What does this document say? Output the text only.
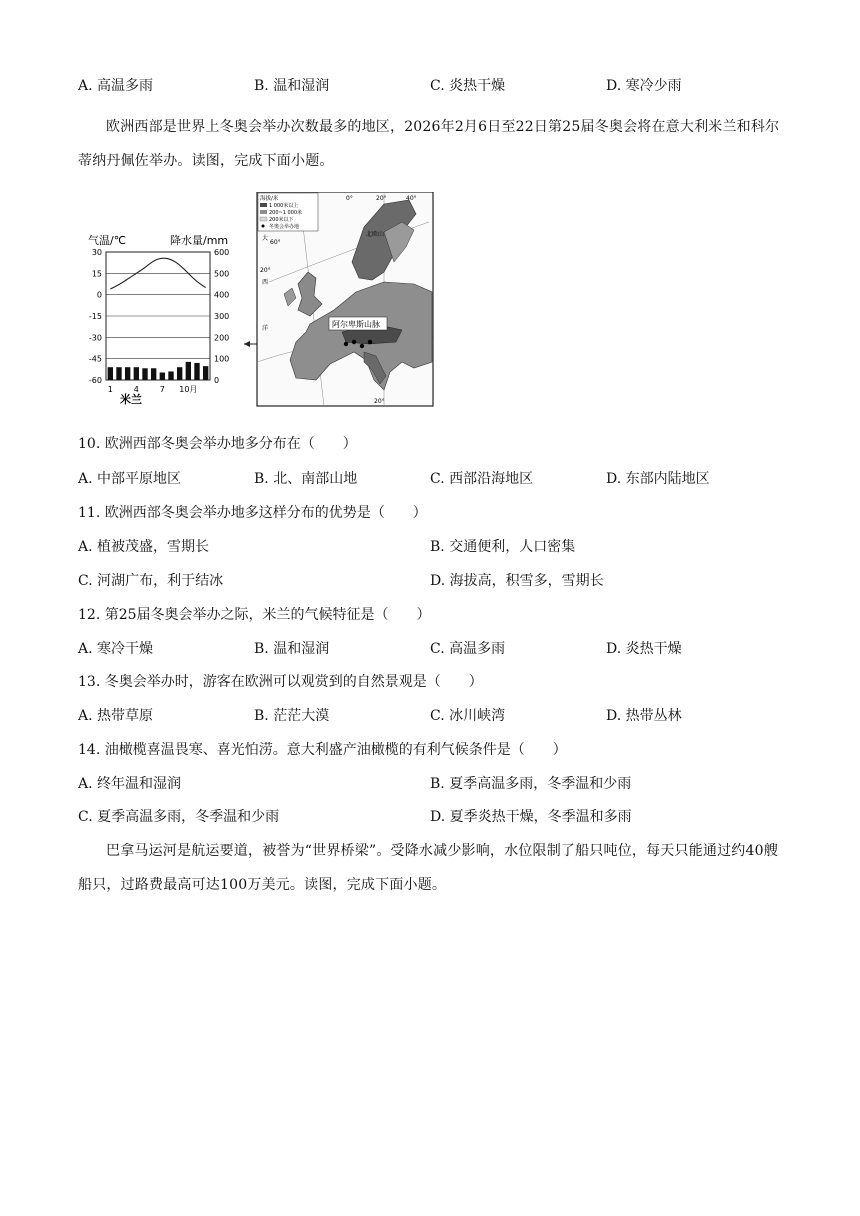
A. 高温多雨	B. 温和湿润	C. 炎热干燥	D. 寒冷少雨
欧洲西部是世界上冬奥会举办次数最多的地区，2026年2月6日至22日第25届冬奥会将在意大利米兰和科尔蒂纳丹佩佐举办。读图，完成下面小题。
气温/℃	降水量/mm
30
15
0
-15
-30
-45
-60
600
500
400
300
200
100
0
1	4	7 10月
米兰
阿尔卑斯山脉
海拔/米
1 000米以上
200~1 000米
200米以下
冬奥会举办地
北欧山
大
西
洋
60°
20°
0°	20°	40°
20°
10. 欧洲西部冬奥会举办地多分布在（　　）
A. 中部平原地区	B. 北、南部山地	C. 西部沿海地区	D. 东部内陆地区
11. 欧洲西部冬奥会举办地多这样分布的优势是（　　）
A. 植被茂盛，雪期长	B. 交通便利，人口密集
C. 河湖广布，利于结冰	D. 海拔高，积雪多，雪期长
12. 第25届冬奥会举办之际，米兰的气候特征是（　　）
A. 寒冷干燥	B. 温和湿润	C. 高温多雨	D. 炎热干燥
13. 冬奥会举办时，游客在欧洲可以观赏到的自然景观是（　　）
A. 热带草原	B. 茫茫大漠	C. 冰川峡湾	D. 热带丛林
14. 油橄榄喜温畏寒、喜光怕涝。意大利盛产油橄榄的有利气候条件是（　　）
A. 终年温和湿润	B. 夏季高温多雨，冬季温和少雨
C. 夏季高温多雨，冬季温和少雨	D. 夏季炎热干燥，冬季温和多雨
巴拿马运河是航运要道，被誉为“世界桥梁”。受降水减少影响，水位限制了船只吨位，每天只能通过约40艘船只，过路费最高可达100万美元。读图，完成下面小题。
